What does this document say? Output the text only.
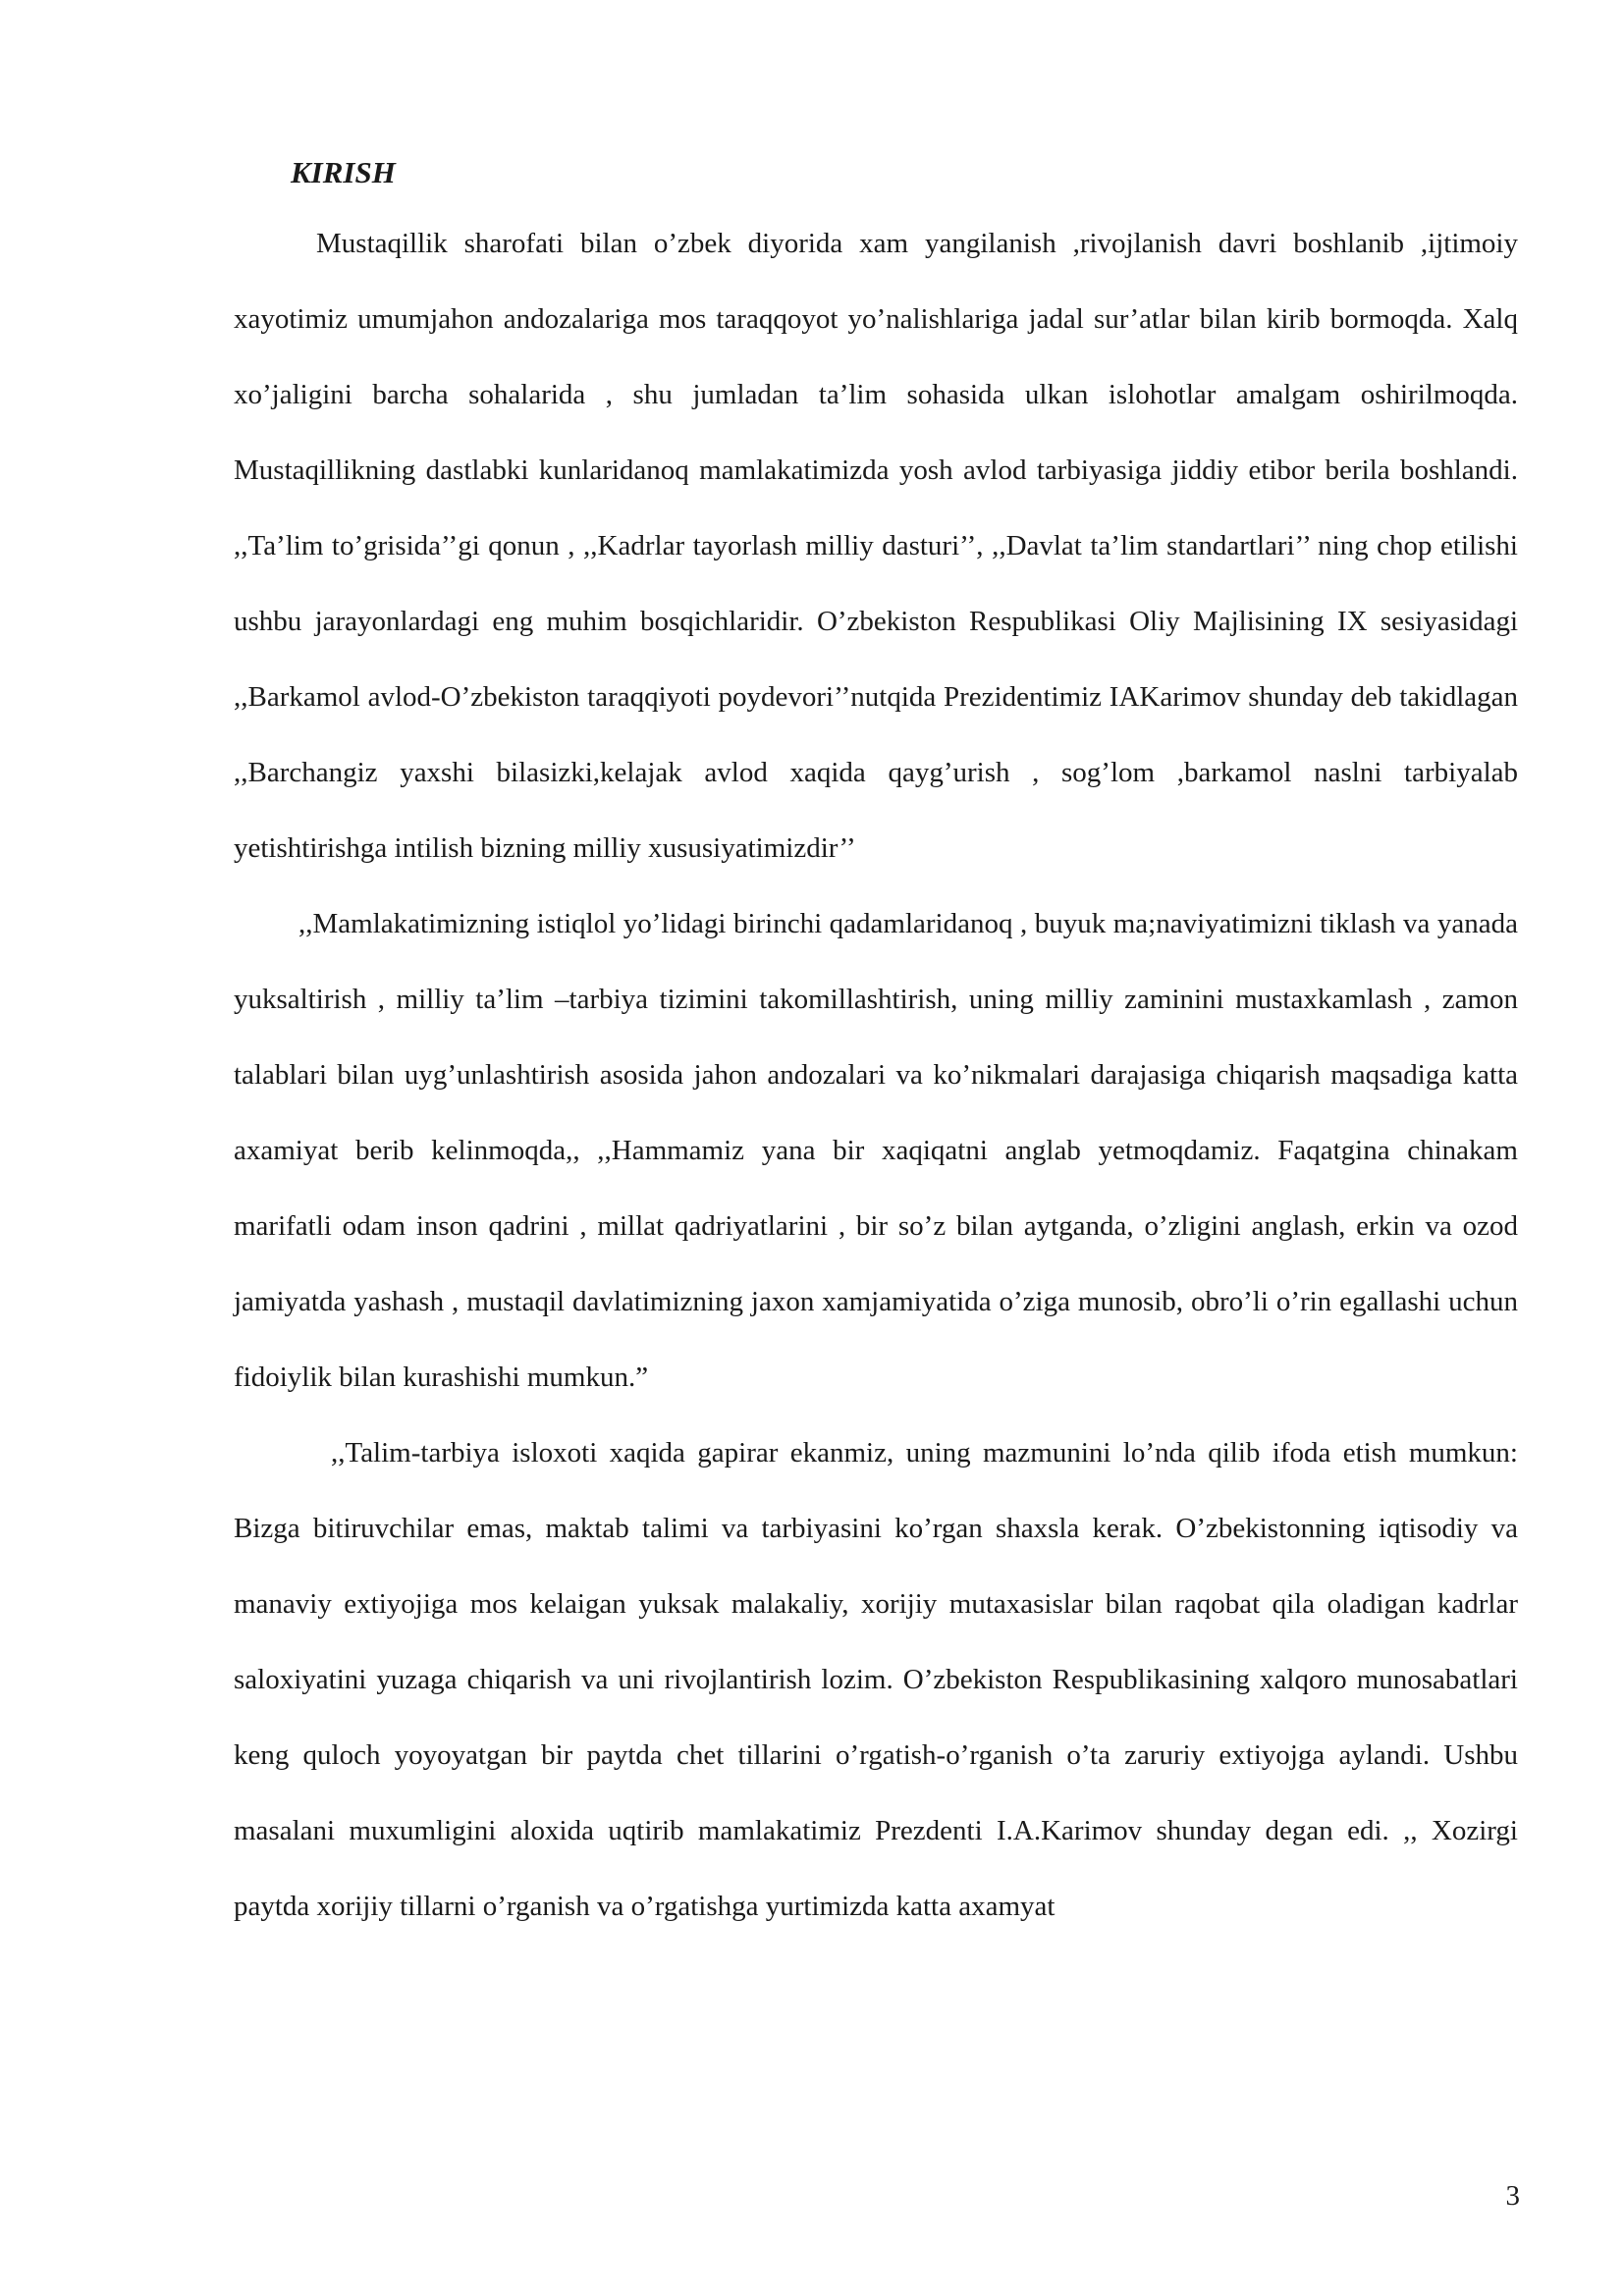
KIRISH

Mustaqillik sharofati bilan o’zbek diyorida xam yangilanish ,rivojlanish davri boshlanib ,ijtimoiy xayotimiz umumjahon andozalariga mos taraqqoyot yo’nalishlariga jadal sur’atlar bilan kirib bormoqda. Xalq xo’jaligini barcha sohalarida , shu jumladan ta’lim sohasida ulkan islohotlar amalgam oshirilmoqda. Mustaqillikning dastlabki kunlaridanoq mamlakatimizda yosh avlod tarbiyasiga jiddiy etibor berila boshlandi. ,,Ta’lim to’grisida’’gi qonun , ,,Kadrlar tayorlash milliy dasturi’’, ,,Davlat ta’lim standartlari’’ ning chop etilishi ushbu jarayonlardagi eng muhim bosqichlaridir. O’zbekiston Respublikasi Oliy Majlisining IX sesiyasidagi ,,Barkamol avlod-O’zbekiston taraqqiyoti poydevori’’nutqida Prezidentimiz IAKarimov shunday deb takidlagan ,,Barchangiz yaxshi bilasizki,kelajak avlod xaqida qayg’urish , sog’lom ,barkamol naslni tarbiyalab yetishtirishga intilish bizning milliy xususiyatimizdir’’

,,Mamlakatimizning istiqlol yo’lidagi birinchi qadamlaridanoq , buyuk ma;naviyatimizni tiklash va yanada yuksaltirish , milliy ta’lim –tarbiya tizimini takomillashtirish, uning milliy zaminini mustaxkamlash , zamon talablari bilan uyg’unlashtirish asosida jahon andozalari va ko’nikmalari darajasiga chiqarish maqsadiga katta axamiyat berib kelinmoqda,, ,,Hammamiz yana bir xaqiqatni anglab yetmoqdamiz. Faqatgina chinakam marifatli odam inson qadrini , millat qadriyatlarini , bir so’z bilan aytganda, o’zligini anglash, erkin va ozod jamiyatda yashash , mustaqil davlatimizning jaxon xamjamiyatida o’ziga munosib, obro’li o’rin egallashi uchun fidoiylik bilan kurashishi mumkun.”

,,Talim-tarbiya isloxoti xaqida gapirar ekanmiz, uning mazmunini lo’nda qilib ifoda etish mumkun: Bizga bitiruvchilar emas, maktab talimi va tarbiyasini ko’rgan shaxsla kerak. O’zbekistonning iqtisodiy va manaviy extiyojiga mos kelaigan yuksak malakaliy, xorijiy mutaxasislar bilan raqobat qila oladigan kadrlar saloxiyatini yuzaga chiqarish va uni rivojlantirish lozim. O’zbekiston Respublikasining xalqoro munosabatlari keng quloch yoyoyatgan bir paytda chet tillarini o’rgatish-o’rganish o’ta zaruriy extiyojga aylandi. Ushbu masalani muxumligini aloxida uqtirib mamlakatimiz Prezdenti I.A.Karimov shunday degan edi. ,, Xozirgi paytda xorijiy tillarni o’rganish va o’rgatishga yurtimizda katta axamyat

3
